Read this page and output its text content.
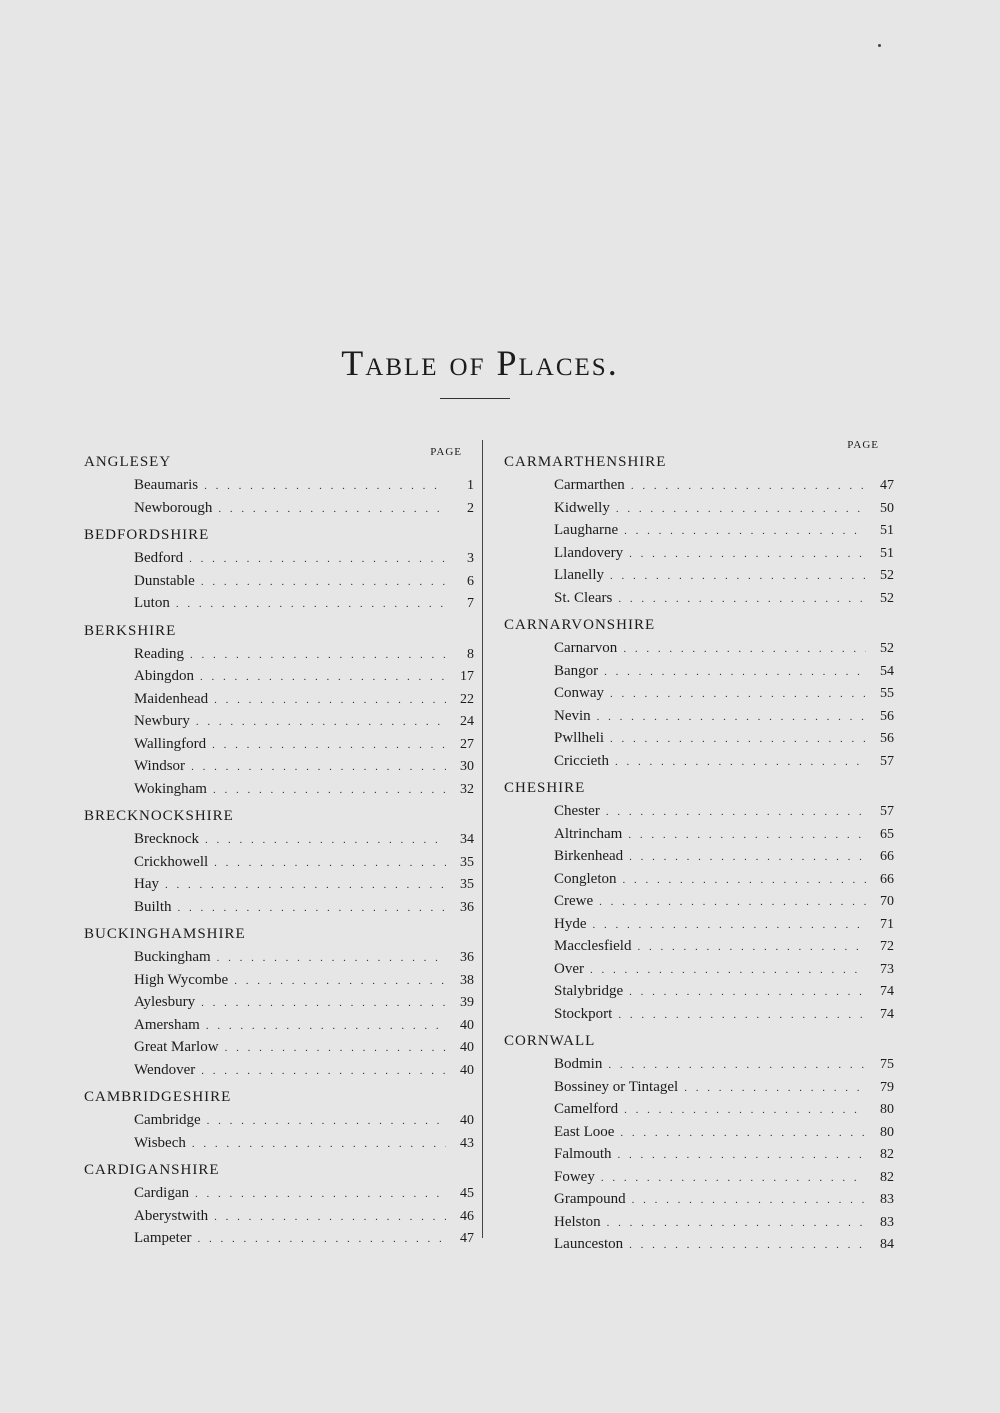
Table of Places.
PAGE
ANGLESEY
Beaumaris . . .	1
Newborough . . .	2
BEDFORDSHIRE
Bedford . . .	3
Dunstable . . .	6
Luton . . .	7
BERKSHIRE
Reading . . .	8
Abingdon . . .	17
Maidenhead . . .	22
Newbury . . .	24
Wallingford . . .	27
Windsor . . .	30
Wokingham . . .	32
BRECKNOCKSHIRE
Brecknock . . .	34
Crickhowell . . .	35
Hay . . .	35
Builth . . .	36
BUCKINGHAMSHIRE
Buckingham . . .	36
High Wycombe . . .	38
Aylesbury . . .	39
Amersham . . .	40
Great Marlow . . .	40
Wendover . . .	40
CAMBRIDGESHIRE
Cambridge . . .	40
Wisbech . . .	43
CARDIGANSHIRE
Cardigan . . .	45
Aberystwith . . .	46
Lampeter . . .	47
PAGE
CARMARTHENSHIRE
Carmarthen . . .	47
Kidwelly . . .	50
Laugharne . . .	51
Llandovery . . .	51
Llanelly . . .	52
St. Clears . . .	52
CARNARVONSHIRE
Carnarvon . . .	52
Bangor . . .	54
Conway . . .	55
Nevin . . .	56
Pwllheli . . .	56
Criccieth . . .	57
CHESHIRE
Chester . . .	57
Altrincham . . .	65
Birkenhead . . .	66
Congleton . . .	66
Crewe . . .	70
Hyde . . .	71
Macclesfield . . .	72
Over . . .	73
Stalybridge . . .	74
Stockport . . .	74
CORNWALL
Bodmin . . .	75
Bossiney or Tintagel . . .	79
Camelford . . .	80
East Looe . . .	80
Falmouth . . .	82
Fowey . . .	82
Grampound . . .	83
Helston . . .	83
Launceston . . .	84
